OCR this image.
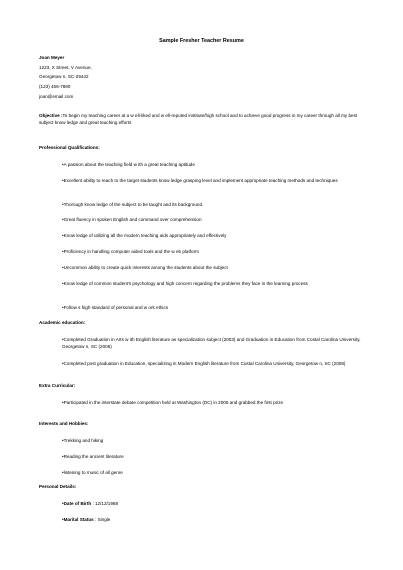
Sample Fresher Teacher Resume
Joan Meyer
1223, X Street, V Avenue,
Georgetow n, SC-29442
(123) 456-7890
joan@email.com
Objective :To begin my teaching career at a w ell-liked and w ell-reputed institute/high school and to achieve good progress in my career through all my best subject know ledge and great teaching efforts
Professional Qualifications:
•A passion about the teaching field w ith a great teaching aptitude
•Excellent ability to reach to the target students know ledge grasping level and implement appropriate teaching methods and techniques
•Thorough know ledge of the subject to be taught and its background.
•Great fluency in spoken English and command over comprehension
•Know ledge of utilizing all the modern teaching aids appropriately and effectively
•Proficiency in handling computer aided tools and the w eb platform
•Uncommon ability to create quick interests among the students about the subject
•Know ledge of common student's psychology and high concern regarding the problems they face in the learning process
•Follow s high standard of personal and w ork ethics
Academic education:
•Completed Graduation in Arts w ith English literature as specialization subject (2003) and Graduation in Education from Costal Carolina University, Georgetow n, SC (2006)
•Completed post graduation in Education, specializing in Modern English literature from Costal Carolina University, Georgetow n, SC (2008)
Extra Curricular:
•Participated in the interstate debate competition held at Washington (DC) in 2005 and grabbed the first prize
Interests and Hobbies:
•Trekking and hiking
•Reading the ancient literature
•listening to music of all genre
Personal Details:
•Date of Birth : 12/12/1988
•Marital Status : Single
